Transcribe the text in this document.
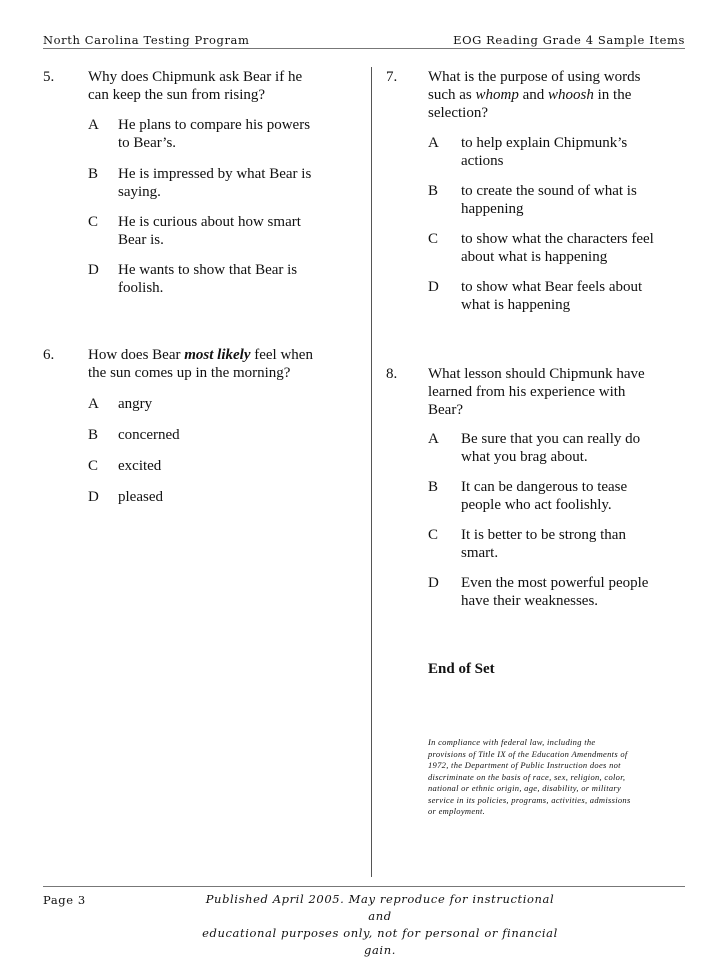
North Carolina Testing Program	EOG Reading Grade 4 Sample Items
5. Why does Chipmunk ask Bear if he
can keep the sun from rising?
A He plans to compare his powers
to Bear’s.
B He is impressed by what Bear is
saying.
C He is curious about how smart
Bear is.
D He wants to show that Bear is
foolish.
6. How does Bear most likely feel when
the sun comes up in the morning?
A angry
B concerned
C excited
D pleased
7. What is the purpose of using words
such as whomp and whoosh in the
selection?
A to help explain Chipmunk’s
actions
B to create the sound of what is
happening
C to show what the characters feel
about what is happening
D to show what Bear feels about
what is happening
8. What lesson should Chipmunk have
learned from his experience with
Bear?
A Be sure that you can really do
what you brag about.
B It can be dangerous to tease
people who act foolishly.
C It is better to be strong than
smart.
D Even the most powerful people
have their weaknesses.
End of Set
In compliance with federal law, including the
provisions of Title IX of the Education Amendments of
1972, the Department of Public Instruction does not
discriminate on the basis of race, sex, religion, color,
national or ethnic origin, age, disability, or military
service in its policies, programs, activities, admissions
or employment.
Page 3	Published April 2005. May reproduce for instructional and
educational purposes only, not for personal or financial gain.
